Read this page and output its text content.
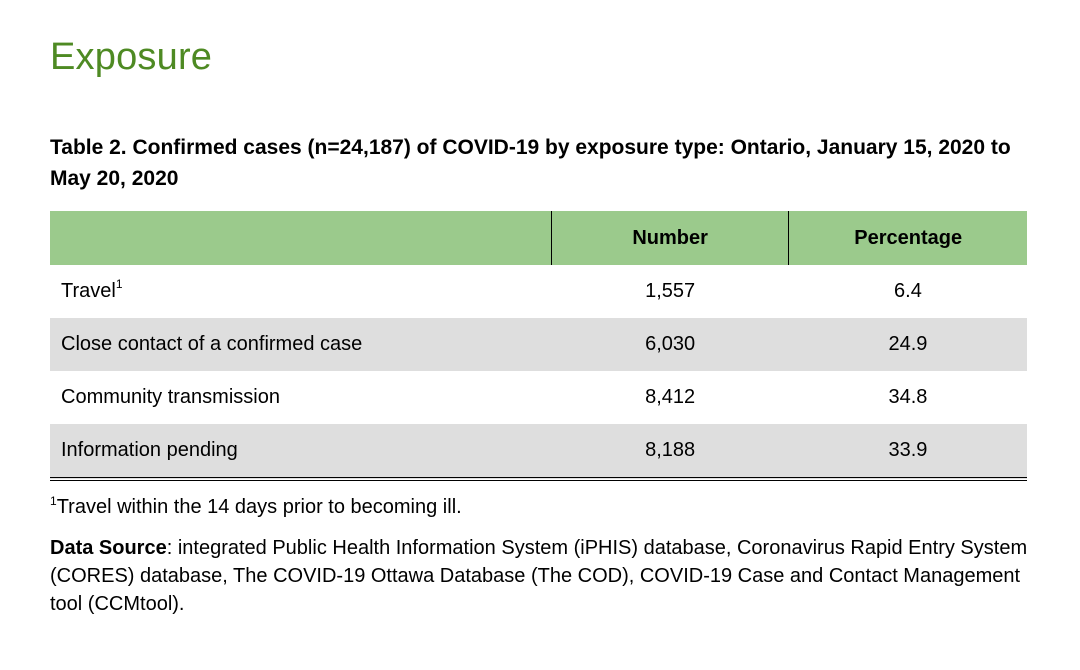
Exposure

Table 2. Confirmed cases (n=24,187) of COVID-19 by exposure type: Ontario, January 15, 2020 to May 20, 2020

	Number	Percentage
Travel$^1$	1,557	6.4
Close contact of a confirmed case	6,030	24.9
Community transmission	8,412	34.8
Information pending	8,188	33.9

$^1$Travel within the 14 days prior to becoming ill.

Data Source: integrated Public Health Information System (iPHIS) database, Coronavirus Rapid Entry System (CORES) database, The COVID-19 Ottawa Database (The COD), COVID-19 Case and Contact Management tool (CCMtool).
